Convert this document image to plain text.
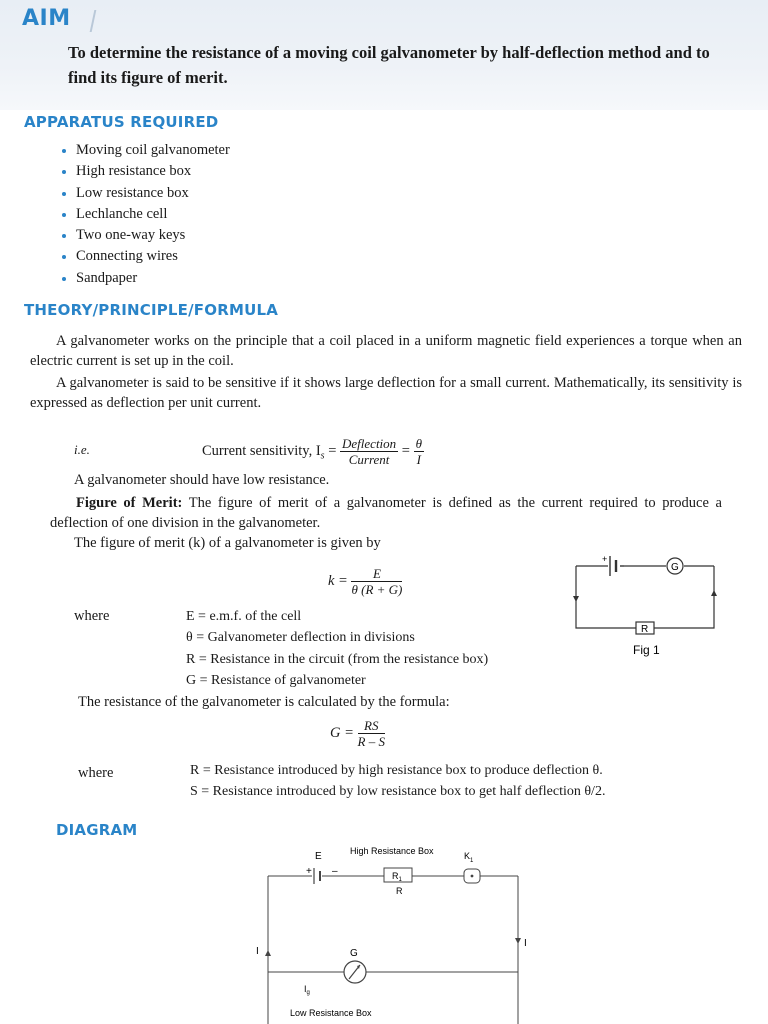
AIM
To determine the resistance of a moving coil galvanometer by half-deflection method and to find its figure of merit.
APPARATUS REQUIRED
Moving coil galvanometer
High resistance box
Low resistance box
Lechlanche cell
Two one-way keys
Connecting wires
Sandpaper
THEORY/PRINCIPLE/FORMULA
A galvanometer works on the principle that a coil placed in a uniform magnetic field experiences a torque when an electric current is set up in the coil.
A galvanometer is said to be sensitive if it shows large deflection for a small current. Mathematically, its sensitivity is expressed as deflection per unit current.
i.e.	Current sensitivity, $I_s = \frac{\text{Deflection}}{\text{Current}} = \frac{\theta}{I}$
A galvanometer should have low resistance.
Figure of Merit: The figure of merit of a galvanometer is defined as the current required to produce a deflection of one division in the galvanometer.
The figure of merit (k) of a galvanometer is given by
$k = \frac{E}{\theta (R + G)}$
where	E = e.m.f. of the cell
θ = Galvanometer deflection in divisions
R = Resistance in the circuit (from the resistance box)
G = Resistance of galvanometer
The resistance of the galvanometer is calculated by the formula:
$G = \frac{RS}{R - S}$
where	R = Resistance introduced by high resistance box to produce deflection θ.
S = Resistance introduced by low resistance box to get half deflection θ/2.
+
G
R
Fig 1
DIAGRAM
E	High Resistance Box	$K_1$
+ –	$R_1$
R
I
I
G
$I_g$
Low Resistance Box
